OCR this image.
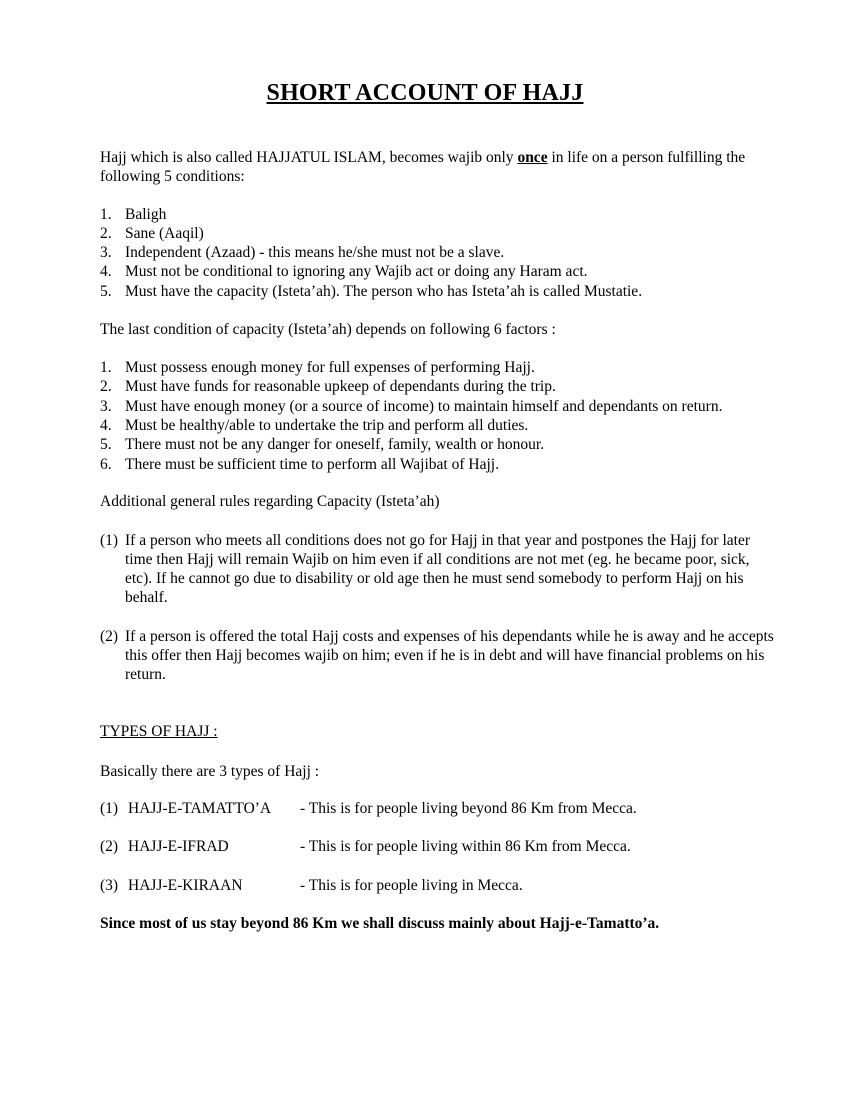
SHORT ACCOUNT OF HAJJ
Hajj which is also called HAJJATUL ISLAM, becomes wajib only once in life on a person fulfilling the following 5 conditions:
1. Baligh
2. Sane (Aaqil)
3. Independent (Azaad) - this means he/she must not be a slave.
4. Must not be conditional to ignoring any Wajib act or doing any Haram act.
5. Must have the capacity (Isteta’ah). The person who has Isteta’ah is called Mustatie.
The last condition of capacity (Isteta’ah) depends on following 6 factors :
1. Must possess enough money for full expenses of performing Hajj.
2. Must have funds for reasonable upkeep of dependants during the trip.
3. Must have enough money (or a source of income) to maintain himself and dependants on return.
4. Must be healthy/able to undertake the trip and perform all duties.
5. There must not be any danger for oneself, family, wealth or honour.
6. There must be sufficient time to perform all Wajibat of Hajj.
Additional general rules regarding Capacity (Isteta’ah)
(1) If a person who meets all conditions does not go for Hajj in that year and postpones the Hajj for later time then Hajj will remain Wajib on him even if all conditions are not met (eg. he became poor, sick, etc). If he cannot go due to disability or old age then he must send somebody to perform Hajj on his behalf.
(2) If a person is offered the total Hajj costs and expenses of his dependants while he is away and he accepts this offer then Hajj becomes wajib on him; even if he is in debt and will have financial problems on his return.
TYPES OF HAJJ :
Basically there are 3 types of Hajj :
(1) HAJJ-E-TAMATTO’A - This is for people living beyond 86 Km from Mecca.
(2) HAJJ-E-IFRAD	- This is for people living within 86 Km from Mecca.
(3) HAJJ-E-KIRAAN	- This is for people living in Mecca.
Since most of us stay beyond 86 Km we shall discuss mainly about Hajj-e-Tamatto’a.
